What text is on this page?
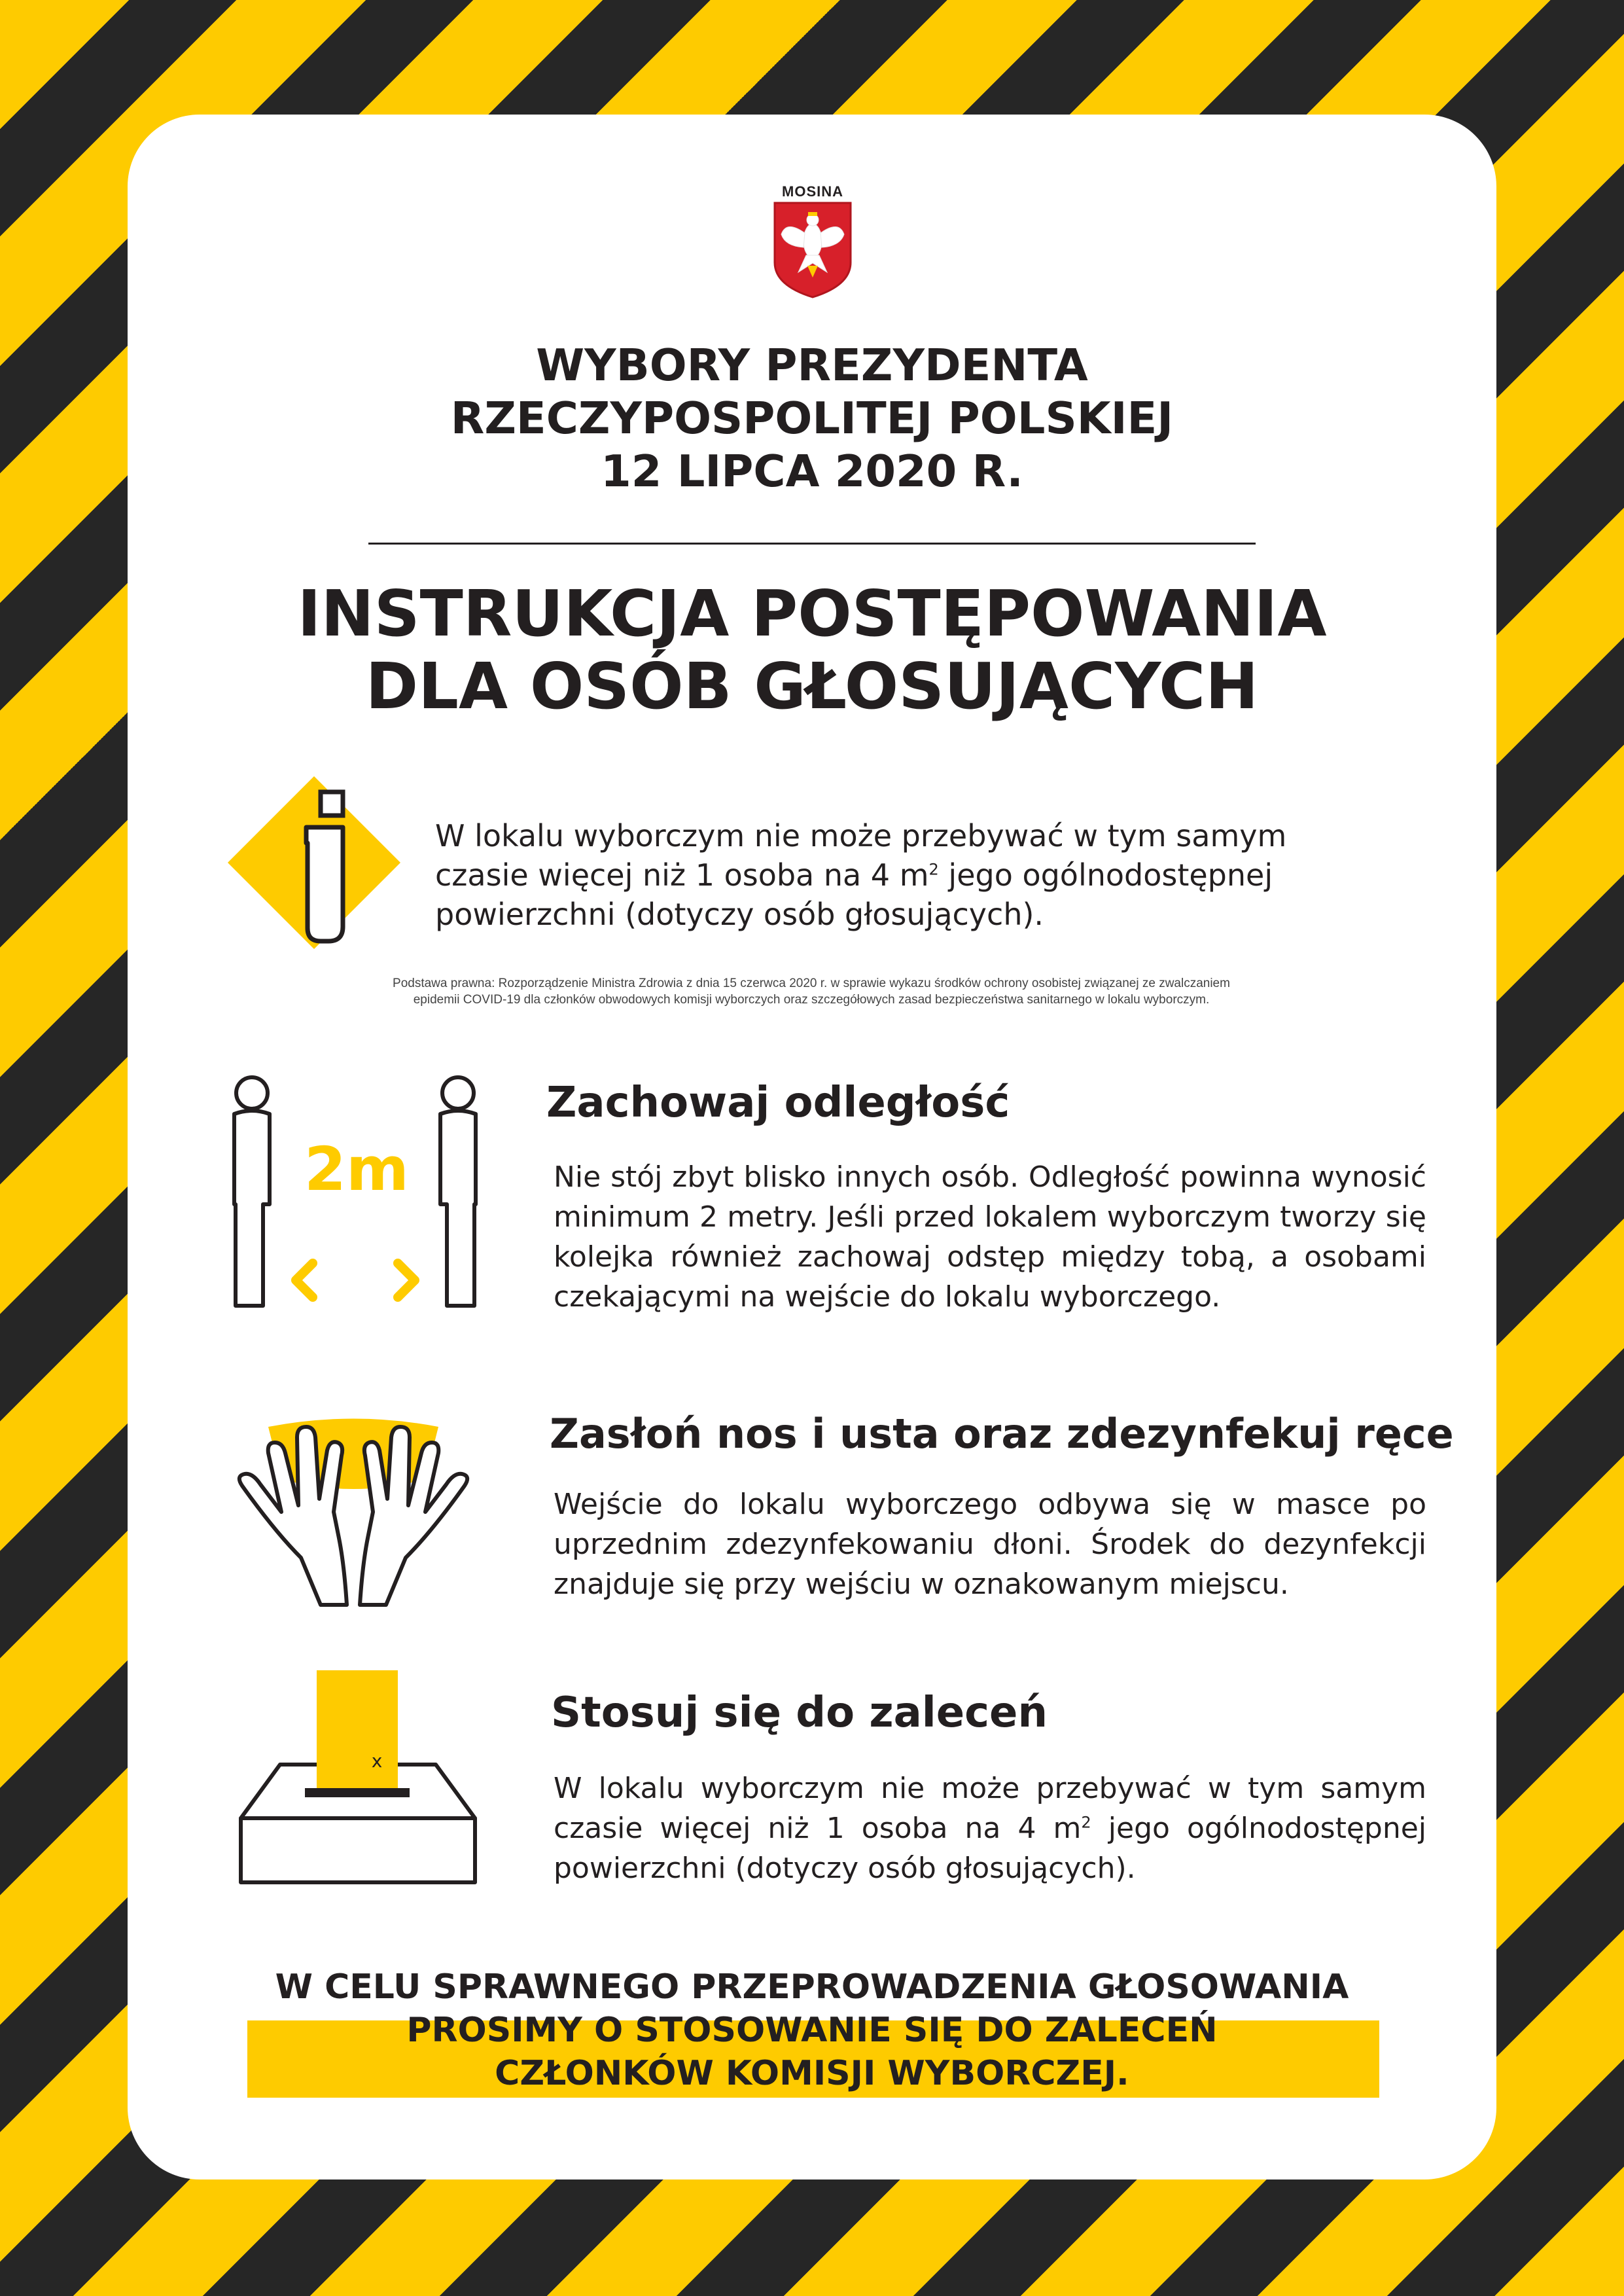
MOSINA
WYBORY PREZYDENTA
RZECZYPOSPOLITEJ POLSKIEJ
12 LIPCA 2020 R.
INSTRUKCJA POSTĘPOWANIA
DLA OSÓB GŁOSUJĄCYCH
W lokalu wyborczym nie może przebywać w tym samym czasie więcej niż 1 osoba na 4 $m^2$ jego ogólnodostępnej powierzchni (dotyczy osób głosujących).
Podstawa prawna: Rozporządzenie Ministra Zdrowia z dnia 15 czerwca 2020 r. w sprawie wykazu środków ochrony osobistej związanej ze zwalczaniem
epidemii COVID-19 dla członków obwodowych komisji wyborczych oraz szczegółowych zasad bezpieczeństwa sanitarnego w lokalu wyborczym.
2m
Zachowaj odległość
Nie stój zbyt blisko innych osób. Odległość powinna wynosić minimum 2 metry. Jeśli przed lokalem wyborczym tworzy się kolejka również zachowaj odstęp między tobą, a osobami czekającymi na wejście do lokalu wyborczego.
Zasłoń nos i usta oraz zdezynfekuj ręce
Wejście do lokalu wyborczego odbywa się w masce po uprzednim zdezynfekowaniu dłoni. Środek do dezynfekcji znajduje się przy wejściu w oznakowanym miejscu.
x
Stosuj się do zaleceń
W lokalu wyborczym nie może przebywać w tym samym czasie więcej niż 1 osoba na 4 $m^2$ jego ogólnodostępnej powierzchni (dotyczy osób głosujących).
W CELU SPRAWNEGO PRZEPROWADZENIA GŁOSOWANIA
PROSIMY O STOSOWANIE SIĘ DO ZALECEŃ
CZŁONKÓW KOMISJI WYBORCZEJ.
